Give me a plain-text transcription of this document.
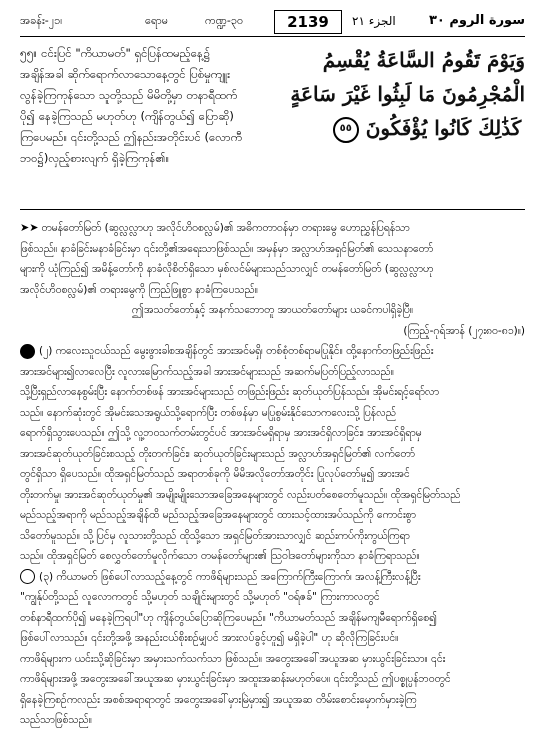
အခန်း-၂၁၊	ရောမ	ကဏ္ဍ-၃၀	2139	الجزء ٢١	سورة الروم ٣٠
၅၅။ ငင်းပြင် "ကိယာမတ်" ရှင်ပြန်ထမည့်နေ့၌
အချိန်အခါ ဆိုက်ရောက်လာသောနေ့တွင် ပြစ်မှုကျူး
လွန်ခဲ့ကြကုန်သော သူတို့သည် မိမိတို့မှာ တနာရီထက်
ပို၍ နေခဲ့ကြသည် မဟုတ်ဟု (ကျိန်တွယ်၍ ပြောဆို)
ကြပေမည်။ ၎င်းတို့သည် ဤနည်းအတိုင်းပင် (လောကီ
ဘဝ၌)လှည့်စားလျက် ရှိခဲ့ကြကုန်၏။
وَيَوْمَ تَقُومُ السَّاعَةُ يُقْسِمُ
الْمُجْرِمُونَ مَا لَبِثُوا غَيْرَ سَاعَةٍ
كَذَٰلِكَ كَانُوا يُؤْفَكُونَ ٥٥
➤➤ တမန်တော်မြတ် (ဆွလ္လလ္လာဟု အလိုင်ဟိဝစလ္လမ်)၏ အဓိကတာဝန်မှာ တရားမွေ ဟောညွှန်ပြရန်သာ
ဖြစ်သည်။ နာခံခြင်းမနာခံခြင်းမှာ ၎င်းတို့၏အရေးသာဖြစ်သည်။ အမှန်မှာ အလ္လာဟ်အရှင်မြတ်၏ သေသနာတော်
များကို ယုံကြည်၍ အမိန့်တော်ကို နာခံလိုစိတ်ရှိသော မှစ်လင်မ်များသည်သာလျှင် တမန်တော်မြတ် (ဆွလ္လလ္လာဟု
အလိုင်ဟိဝစလ္လမ်)၏ တရားမွေကို ကြည်ဖြူစွာ နာခံကြပေသည်။
ဤအသတ်တော်နှင့် အနက်သဘောတူ အာယတ်တော်များ ယခင်ကပါရှိခဲ့ပြီ။
(ကြည့်-ဂုရ်အာန် (၂၇း၈၀-၈၁)။)
(၂) ကလေးသူငယ်သည် မွေးဖွားခါစအချိန်တွင် အားအင်မရှိ၊ တစ်စုံတစ်ရာမပြုနိုင်။ ထို့နောက်တဖြည်းဖြည်း
အားအင်များ၍လာလေပြီး လူလားမြောက်သည့်အခါ အားအင်များသည် အဆက်မပြတ်ပြည့်လာသည်။
သို့ပြီးရှည်လာနေစွမ်းပြီး နောက်တစ်ဖန် အားအင်များသည် တဖြည်းဖြည်း ဆုတ်ယုတ်ပြန်သည်။ အိုမင်းရင့်ရော်လာ
သည်။ နောက်ဆုံးတွင် အိုမင်းသေအရွယ်သို့ရောက်ပြီး တစ်ဖန်မှာ မပြုစွမ်းနိုင်သောကလေးသို့ ပြန်လည်
ရောက်ရှိသွားပေသည်။ ဤသို့ လူ့ဘဝသက်တမ်းတွင်ပင် အားအင်မရှိရာမှ အားအင်ရှိလာခြင်း၊ အားအင်ရှိရာမှ
အားအင်ဆုတ်ယုတ်ခြင်းစသည့် တိုးတက်ခြင်း၊ ဆုတ်ယုတ်ခြင်းများသည် အလ္လာဟ်အရှင်မြတ်၏ လက်တော်
တွင်ရှိသာ ရှိပေသည်။ ထိုအရှင်မြတ်သည် အရာတစ်ခုကို မိမိအလိုတော်အတိုင်း ပြုလုပ်တော်မူ၍ အားအင်
တိုးတက်မှု၊ အားအင်ဆုတ်ယုတ်မှု၏ အမျိုးမျိုးသောအခြေအနေများတွင် လည်းပတ်စေတော်မူသည်။ ထိုအရှင်မြတ်သည်
မည်သည့်အရာကို မည်သည့်အချိန်ထိ မည်သည့်အခြေအနေများတွင် ထားသင့်ထားအပ်သည်ကို ကောင်းစွာ
သိတော်မူသည်။ သို့ပြင်မှ လူသားတို့သည် ထိုသို့သော အရှင်မြတ်အားသာလျှင် ဆည်းကပ်ကိုးကွယ်ကြရာ
သည်။ ထိုအရှင်မြတ် စေလွှတ်တော်မူလိုက်သော တမန်တော်များ၏ သြဝါဒတော်များကိုသာ နာခံကြရာသည်။
(၃) ကိယာမတ် ဖြစ်ပေါ်လာသည့်နေ့တွင် ကာဖိရ်များသည် အကြောက်ကြီးကြောက်၊ အလန့်ကြီးလန့်ပြီး
"ကျွန်ုပ်တို့သည် လူလောကတွင် သို့မဟုတ် သချိုင်းများတွင် သို့မဟုတ် "ဝရ်ဇခ်" ကြားကာလတွင်
တစ်နာရီထက်ပို၍ မနေခဲ့ကြရပါ"ဟု ကျိန်တွယ်ပြောဆိုကြပေမည်။ "ကိယာမတ်သည် အချိန်မကျမီရောက်ရှိစေ၍
ဖြစ်ပေါ်လာသည်။ ၎င်းတို့အဖို့ အနည်းငယ်စိုးစဉ်မျှပင် အားလပ်ခွင့်ဟူ၍ မရှိခဲ့ပါ" ဟု ဆိုလိုကြခြင်းပင်။
ကာဖိရ်များက ယင်းသို့ဆိုခြင်းမှာ အမှားသက်သက်သာ ဖြစ်သည်။ အတွေးအခေါ်အယူအဆ မှားယွင်းခြင်းသာ။ ၎င်း
ကာဖိရ်များအဖို့ အတွေးအခေါ်အယူအဆ မှားယွင်းခြင်းမှာ အထူးအဆန်းမဟုတ်ပေ။ ၎င်းတို့သည် ဤပစ္စုပ္ပန်ဘဝတွင်
ရှိနေခဲ့ကြစဉ်ကလည်း အစစ်အရာရာတွင် အတွေးအခေါ်မှားမြဲမှား၍ အယူအဆ တိမ်းစောင်းမှောက်မှားခဲ့ကြ
သည်သာဖြစ်သည်။
